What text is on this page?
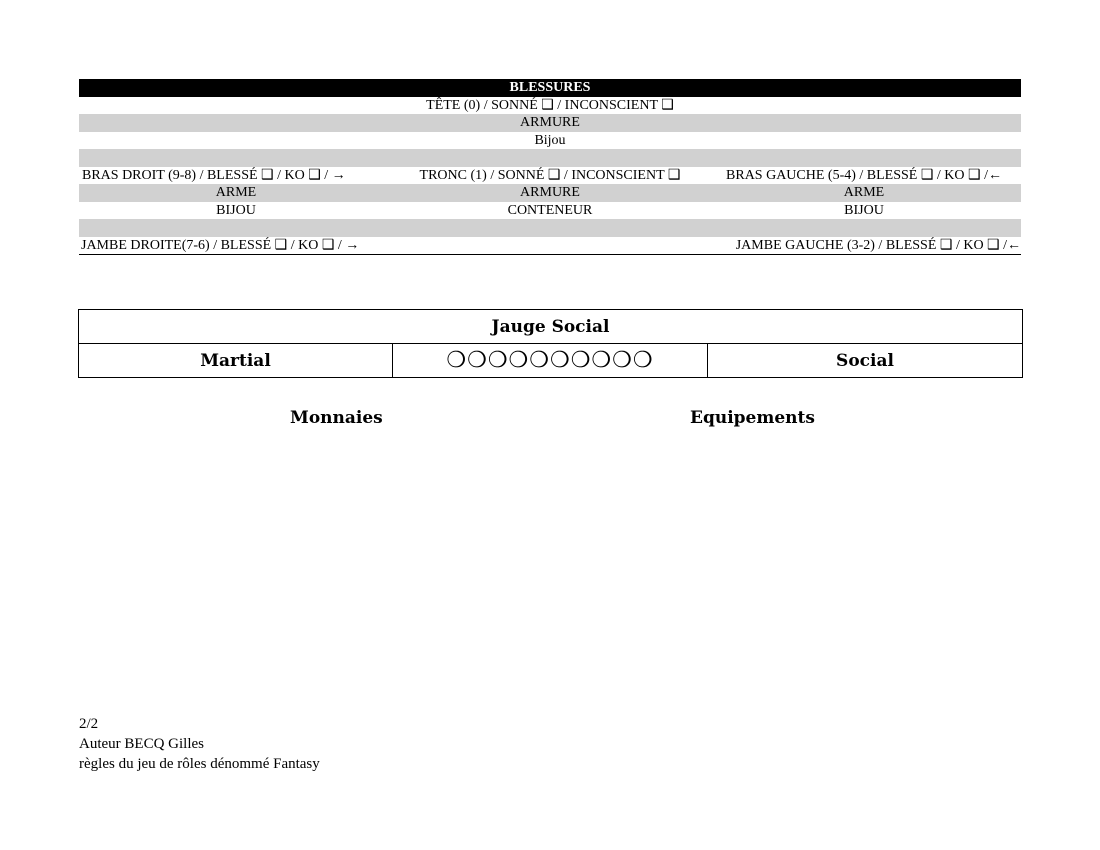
	BLESSURES	
	TÊTE (0) / SONNÉ ❑ / INCONSCIENT ❑	
	ARMURE	
	Bijou	

BRAS DROIT (9-8) / BLESSÉ ❑ / KO ❑ / →	TRONC (1) / SONNÉ ❑ / INCONSCIENT ❑	BRAS GAUCHE (5-4) / BLESSÉ ❑ / KO ❑ /←
ARME	ARMURE	ARME
BIJOU	CONTENEUR	BIJOU

JAMBE DROITE(7-6) / BLESSÉ ❑ / KO ❑ / →		JAMBE GAUCHE (3-2) / BLESSÉ ❑ / KO ❑ /←
Jauge Social
Martial	❍❍❍❍❍❍❍❍❍❍	Social
Monnaies	Equipements
2/2
Auteur BECQ Gilles
règles du jeu de rôles dénommé Fantasy
